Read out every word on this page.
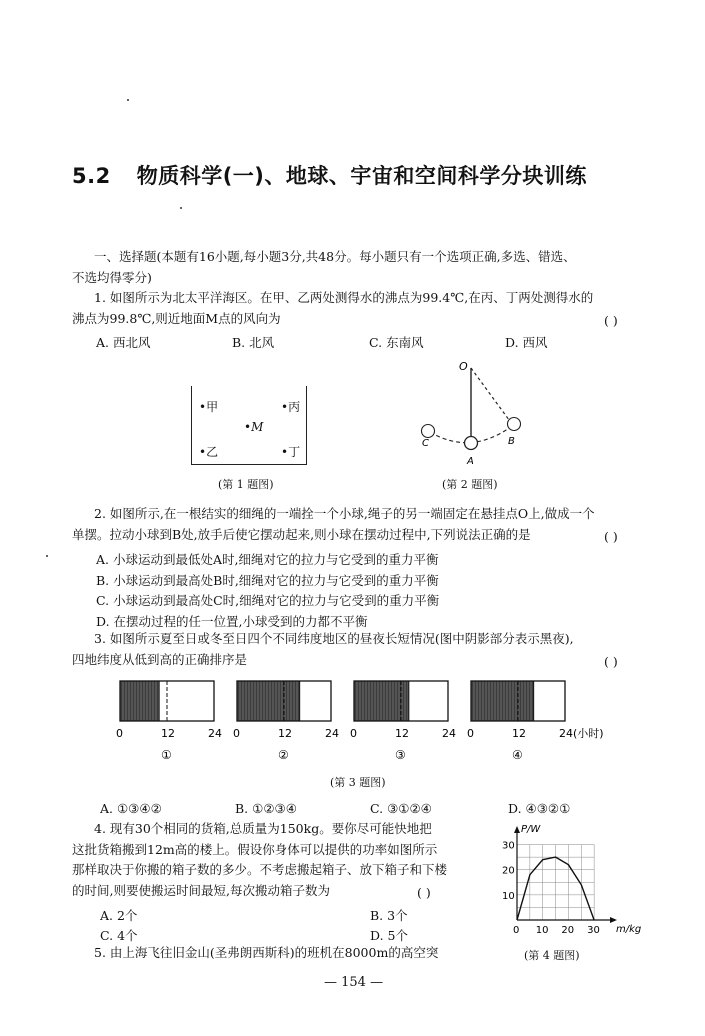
5.2 物质科学(一)、地球、宇宙和空间科学分块训练
一、选择题(本题有16小题,每小题3分,共48分。每小题只有一个选项正确,多选、错选、
不选均得零分)
1. 如图所示为北太平洋海区。在甲、乙两处测得水的沸点为99.4℃,在丙、丁两处测得水的
沸点为99.8℃,则近地面M点的风向为	( )
A. 西北风	B. 北风	C. 东南风	D. 西风
•甲	•丙
•M
•乙	•丁
(第 1 题图)
O
A
B
C
(第 2 题图)
2. 如图所示,在一根结实的细绳的一端拴一个小球,绳子的另一端固定在悬挂点O上,做成一个
单摆。拉动小球到B处,放手后使它摆动起来,则小球在摆动过程中,下列说法正确的是	( )
A. 小球运动到最低处A时,细绳对它的拉力与它受到的重力平衡
B. 小球运动到最高处B时,细绳对它的拉力与它受到的重力平衡
C. 小球运动到最高处C时,细绳对它的拉力与它受到的重力平衡
D. 在摆动过程的任一位置,小球受到的力都不平衡
3. 如图所示夏至日或冬至日四个不同纬度地区的昼夜长短情况(图中阴影部分表示黑夜),
四地纬度从低到高的正确排序是	( )
0	12	24
①
0	12	24
②
0	12	24
③
0	12	24(小时)
④
(第 3 题图)
A. ①③④②	B. ①②③④	C. ③①②④	D. ④③②①
4. 现有30个相同的货箱,总质量为150kg。要你尽可能快地把
这批货箱搬到12m高的楼上。假设你身体可以提供的功率如图所示
那样取决于你搬的箱子数的多少。不考虑搬起箱子、放下箱子和下楼
的时间,则要使搬运时间最短,每次搬动箱子数为	( )
A. 2个	B. 3个
C. 4个	D. 5个	0 10 20 30
10
20
30
P/W
m/kg
(第 4 题图)
5. 由上海飞往旧金山(圣弗朗西斯科)的班机在8000m的高空突
— 154 —
